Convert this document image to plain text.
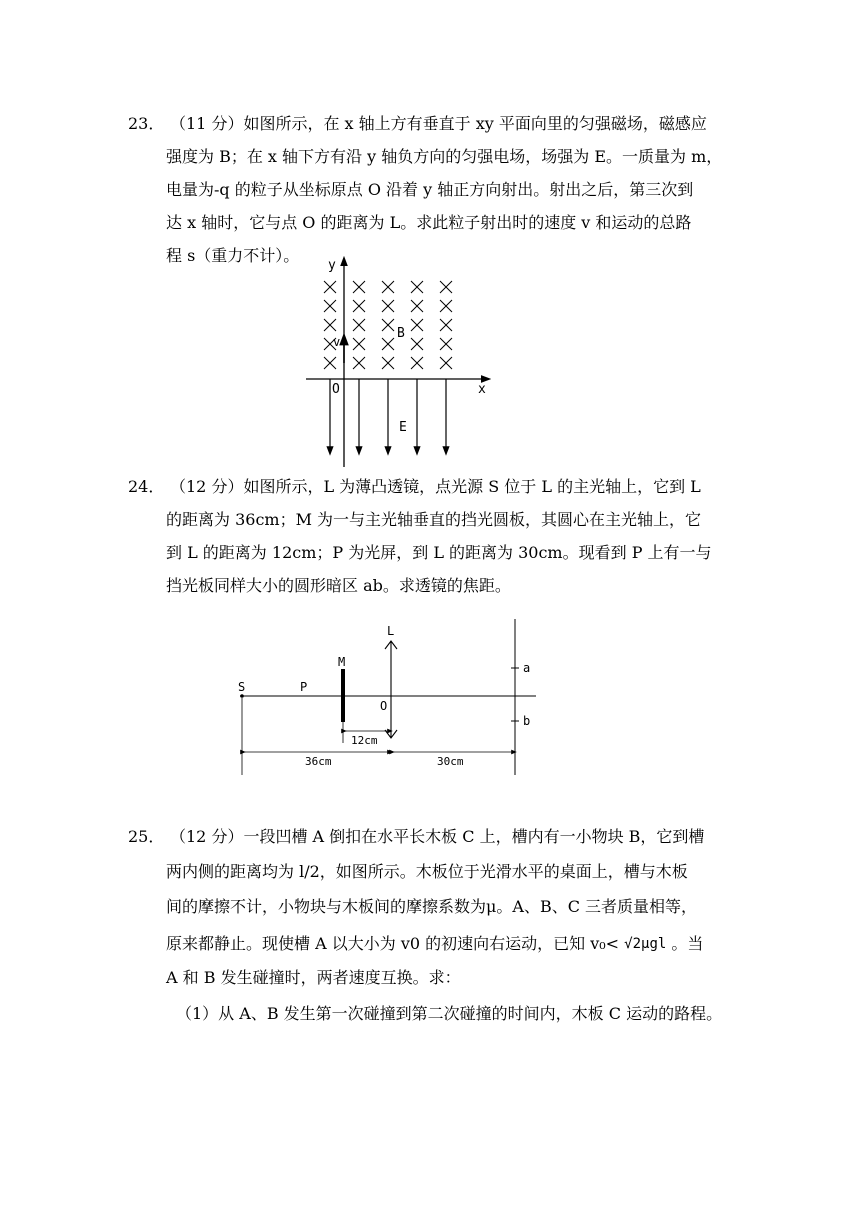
23． （11 分）如图所示，在 x 轴上方有垂直于 xy 平面向里的匀强磁场，磁感应
强度为 B；在 x 轴下方有沿 y 轴负方向的匀强电场，场强为 E。一质量为 m，
电量为-q 的粒子从坐标原点 O 沿着 y 轴正方向射出。射出之后，第三次到
达 x 轴时，它与点 O 的距离为 L。求此粒子射出时的速度 v 和运动的总路
程 s（重力不计）。
y
x
O
v
B
E
24． （12 分）如图所示，L 为薄凸透镜，点光源 S 位于 L 的主光轴上，它到 L
的距离为 36cm；M 为一与主光轴垂直的挡光圆板，其圆心在主光轴上，它
到 L 的距离为 12cm；P 为光屏，到 L 的距离为 30cm。现看到 P 上有一与
挡光板同样大小的圆形暗区 ab。求透镜的焦距。
S	P
M
L
O
a
b
12cm
36cm	30cm
25． （12 分）一段凹槽 A 倒扣在水平长木板 C 上，槽内有一小物块 B，它到槽
两内侧的距离均为 l/2，如图所示。木板位于光滑水平的桌面上，槽与木板
间的摩擦不计，小物块与木板间的摩擦系数为μ。A、B、C 三者质量相等，
原来都静止。现使槽 A 以大小为 v0 的初速向右运动，已知 v₀< √2μgl 。当
A 和 B 发生碰撞时，两者速度互换。求：
（1）从 A、B 发生第一次碰撞到第二次碰撞的时间内，木板 C 运动的路程。
